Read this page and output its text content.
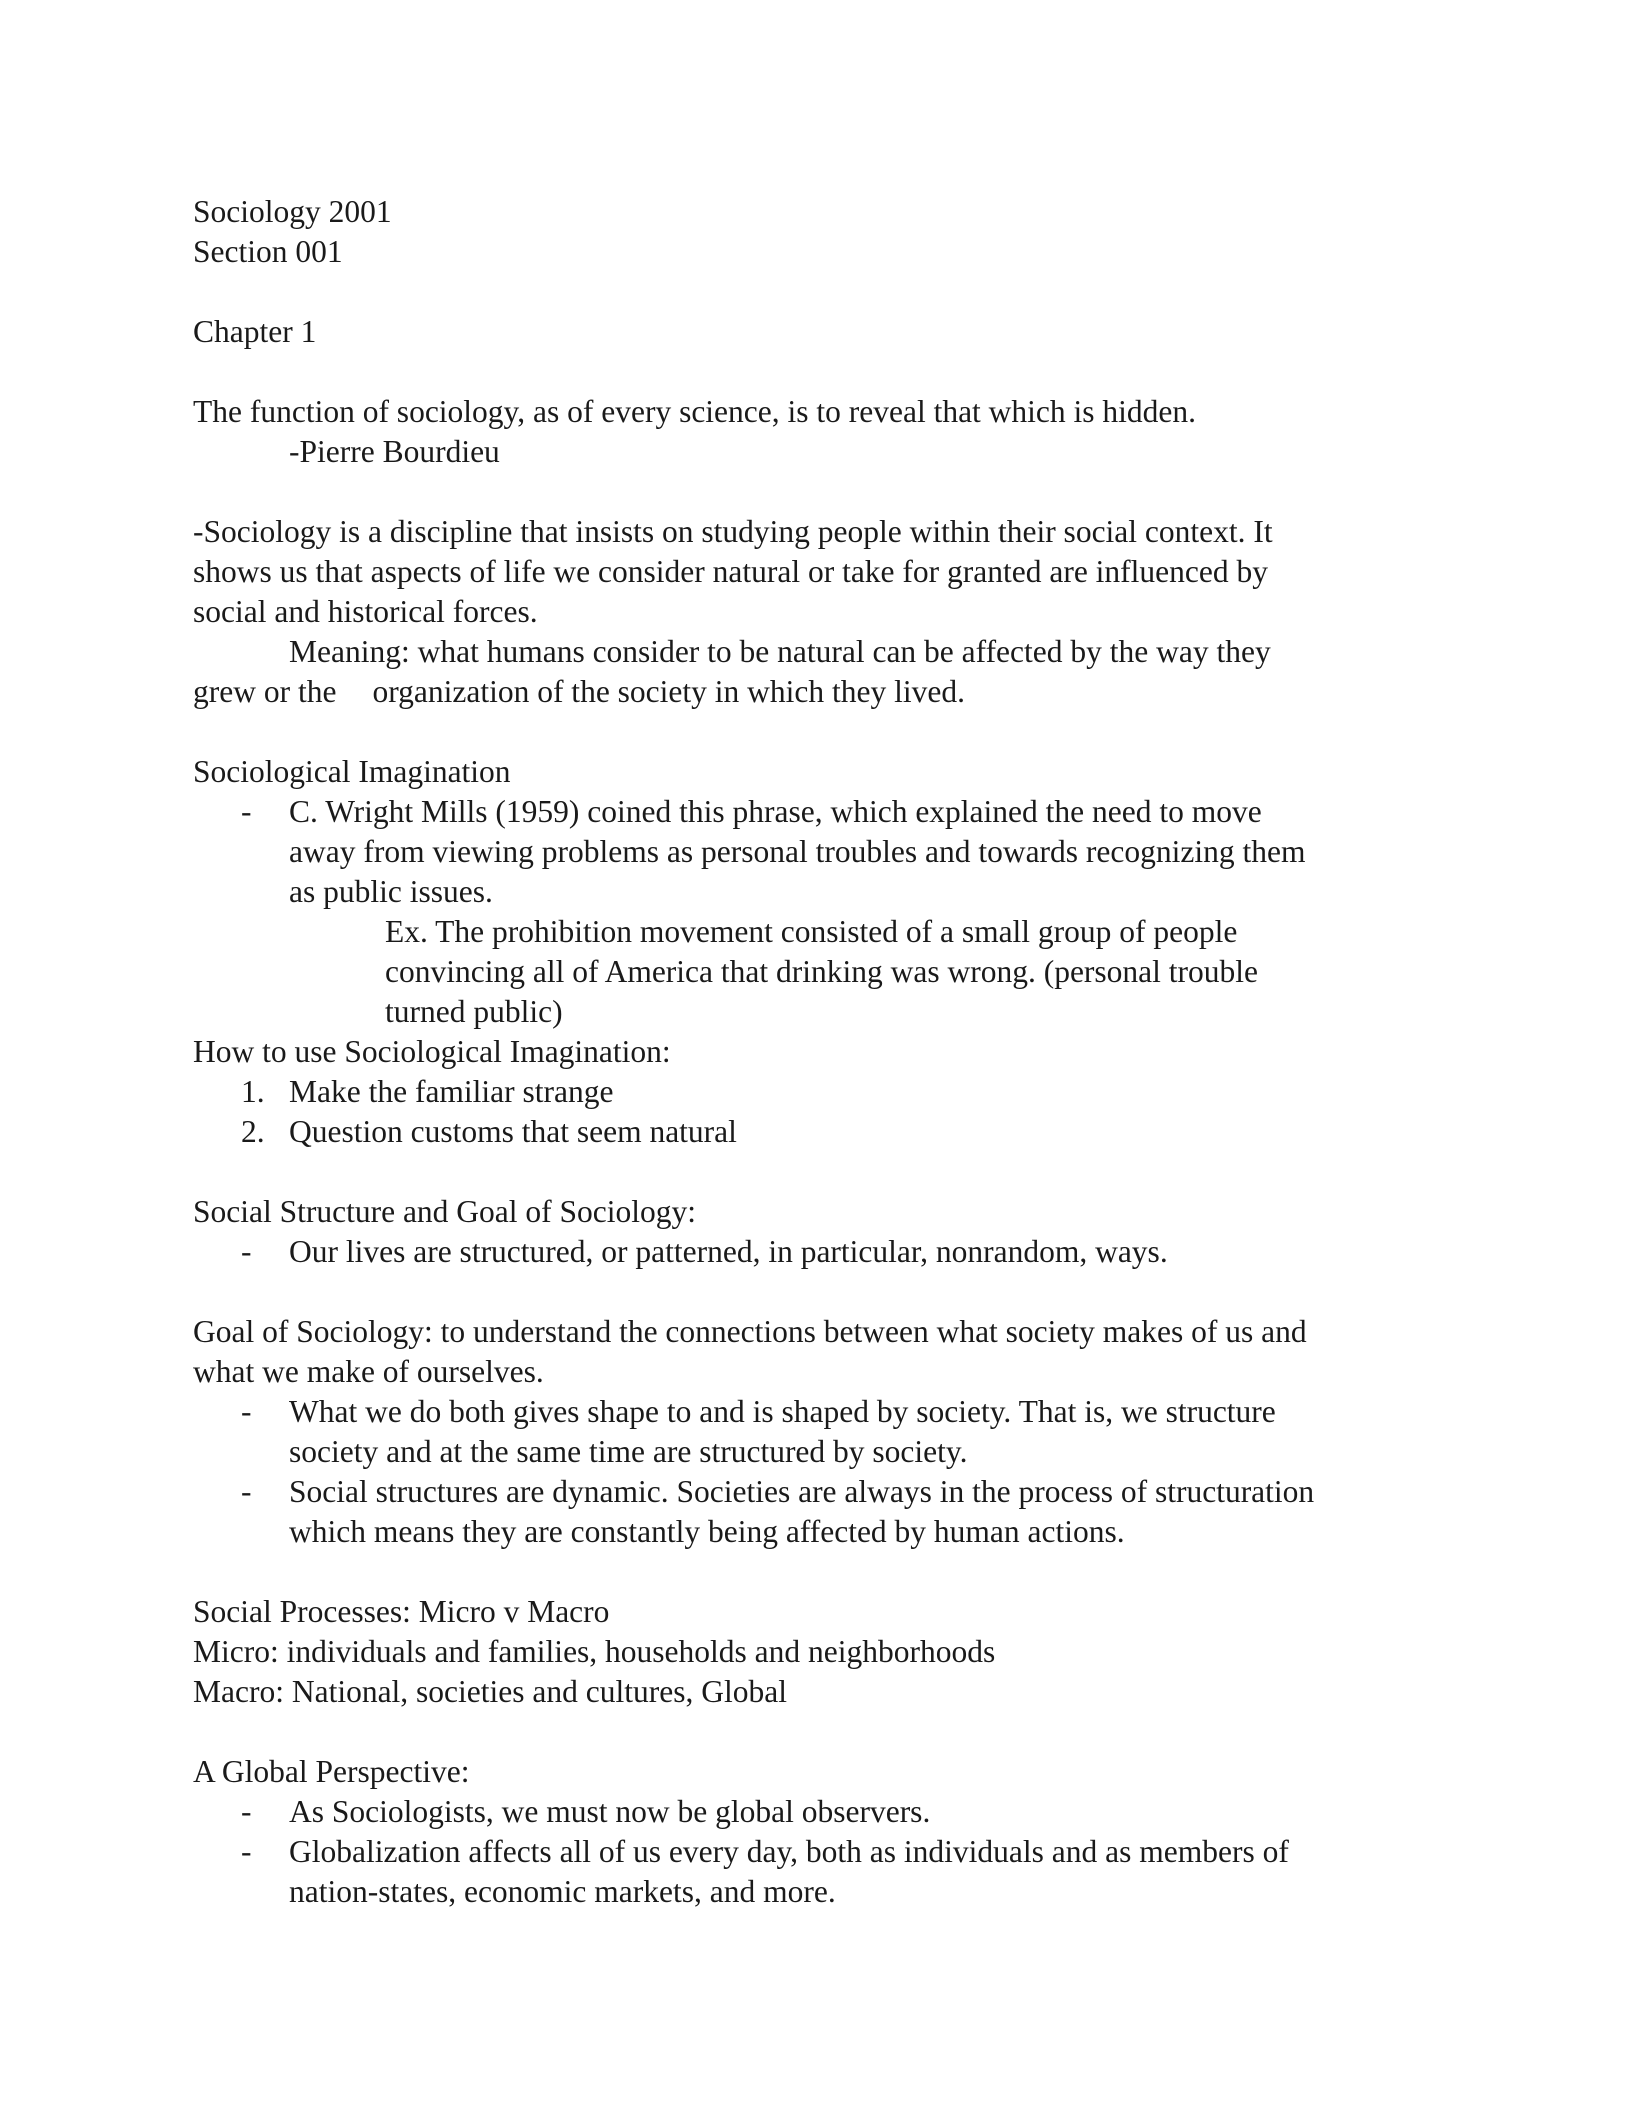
Sociology 2001
Section 001
Chapter 1
The function of sociology, as of every science, is to reveal that which is hidden.
-Pierre Bourdieu
-Sociology is a discipline that insists on studying people within their social context. It
shows us that aspects of life we consider natural or take for granted are influenced by
social and historical forces.
Meaning: what humans consider to be natural can be affected by the way they
grew or the organization of the society in which they lived.
Sociological Imagination
-	C. Wright Mills (1959) coined this phrase, which explained the need to move
away from viewing problems as personal troubles and towards recognizing them
as public issues.
Ex. The prohibition movement consisted of a small group of people
convincing all of America that drinking was wrong. (personal trouble
turned public)
How to use Sociological Imagination:
1. Make the familiar strange
2. Question customs that seem natural
Social Structure and Goal of Sociology:
-	Our lives are structured, or patterned, in particular, nonrandom, ways.
Goal of Sociology: to understand the connections between what society makes of us and
what we make of ourselves.
-	What we do both gives shape to and is shaped by society. That is, we structure
society and at the same time are structured by society.
-	Social structures are dynamic. Societies are always in the process of structuration
which means they are constantly being affected by human actions.
Social Processes: Micro v Macro
Micro: individuals and families, households and neighborhoods
Macro: National, societies and cultures, Global
A Global Perspective:
-	As Sociologists, we must now be global observers.
-	Globalization affects all of us every day, both as individuals and as members of
nation-states, economic markets, and more.
